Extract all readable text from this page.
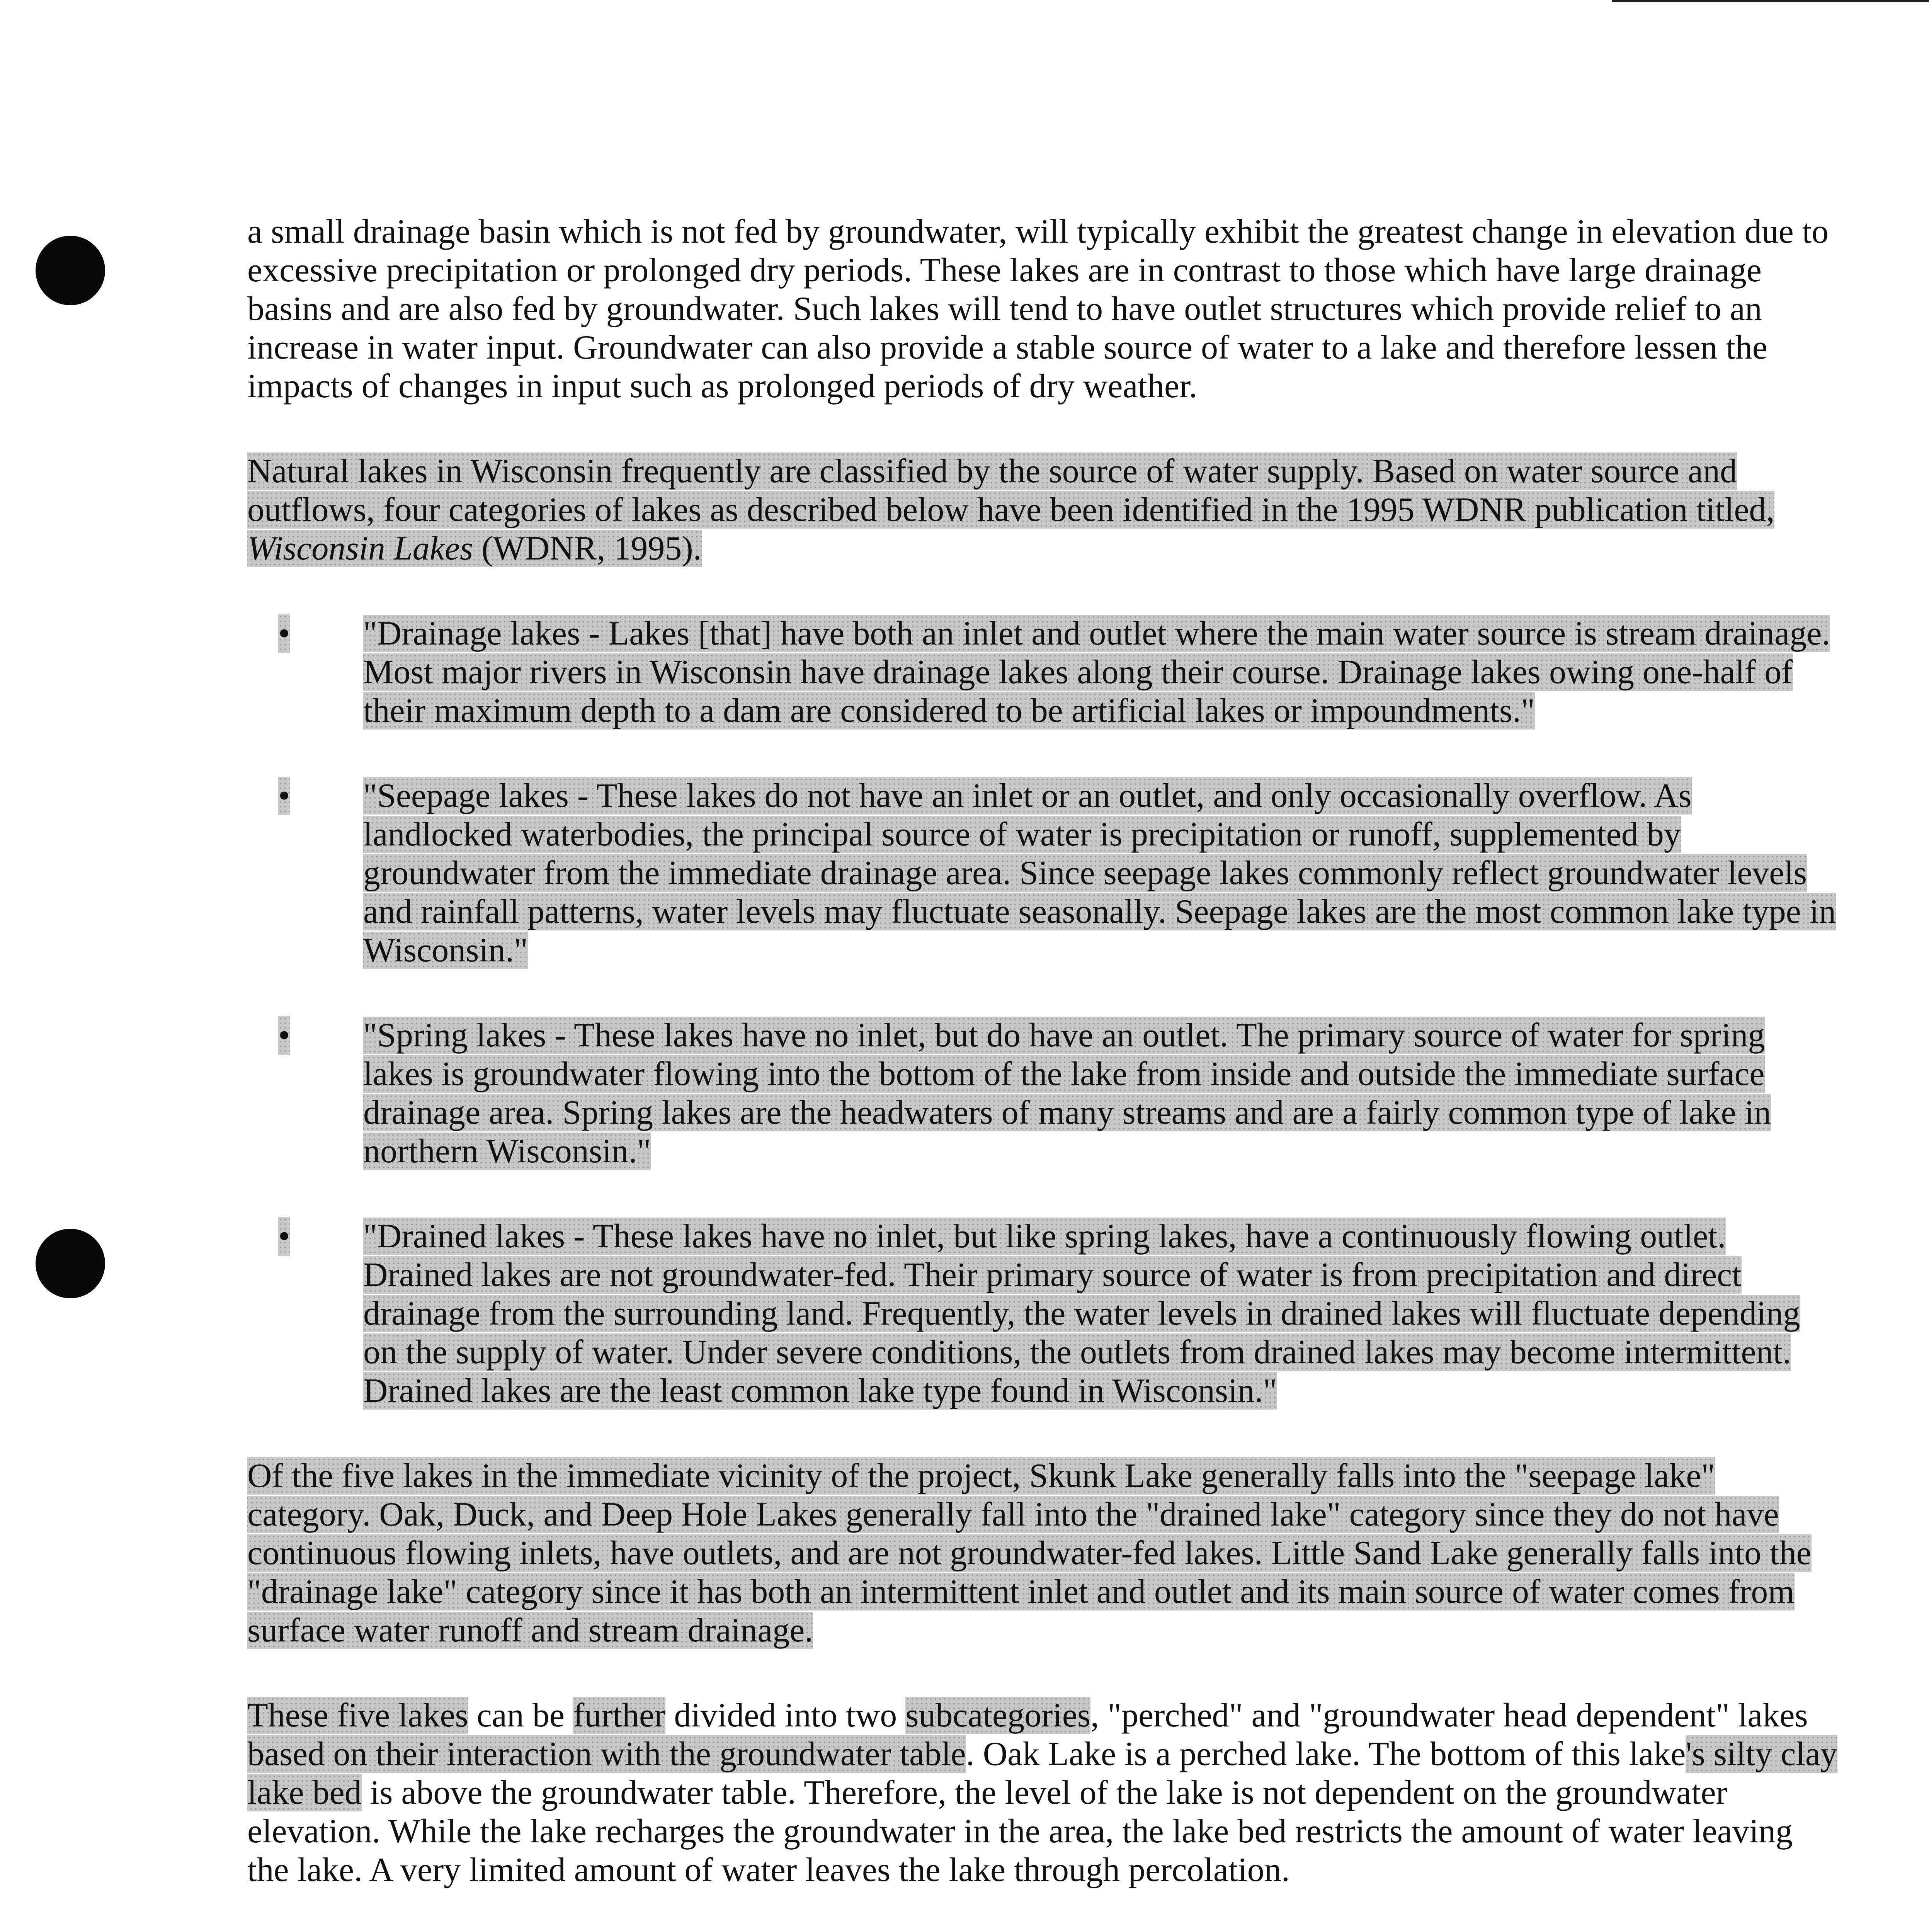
a small drainage basin which is not fed by groundwater, will typically exhibit the greatest change in elevation due to excessive precipitation or prolonged dry periods. These lakes are in contrast to those which have large drainage basins and are also fed by groundwater. Such lakes will tend to have outlet structures which provide relief to an increase in water input. Groundwater can also provide a stable source of water to a lake and therefore lessen the impacts of changes in input such as prolonged periods of dry weather.

Natural lakes in Wisconsin frequently are classified by the source of water supply. Based on water source and outflows, four categories of lakes as described below have been identified in the 1995 WDNR publication titled, Wisconsin Lakes (WDNR, 1995).

• "Drainage lakes - Lakes [that] have both an inlet and outlet where the main water source is stream drainage. Most major rivers in Wisconsin have drainage lakes along their course. Drainage lakes owing one-half of their maximum depth to a dam are considered to be artificial lakes or impoundments."
• "Seepage lakes - These lakes do not have an inlet or an outlet, and only occasionally overflow. As landlocked waterbodies, the principal source of water is precipitation or runoff, supplemented by groundwater from the immediate drainage area. Since seepage lakes commonly reflect groundwater levels and rainfall patterns, water levels may fluctuate seasonally. Seepage lakes are the most common lake type in Wisconsin."
• "Spring lakes - These lakes have no inlet, but do have an outlet. The primary source of water for spring lakes is groundwater flowing into the bottom of the lake from inside and outside the immediate surface drainage area. Spring lakes are the headwaters of many streams and are a fairly common type of lake in northern Wisconsin."
• "Drained lakes - These lakes have no inlet, but like spring lakes, have a continuously flowing outlet. Drained lakes are not groundwater-fed. Their primary source of water is from precipitation and direct drainage from the surrounding land. Frequently, the water levels in drained lakes will fluctuate depending on the supply of water. Under severe conditions, the outlets from drained lakes may become intermittent. Drained lakes are the least common lake type found in Wisconsin."

Of the five lakes in the immediate vicinity of the project, Skunk Lake generally falls into the "seepage lake" category. Oak, Duck, and Deep Hole Lakes generally fall into the "drained lake" category since they do not have continuous flowing inlets, have outlets, and are not groundwater-fed lakes. Little Sand Lake generally falls into the "drainage lake" category since it has both an intermittent inlet and outlet and its main source of water comes from surface water runoff and stream drainage.

These five lakes can be further divided into two subcategories, "perched" and "groundwater head dependent" lakes based on their interaction with the groundwater table. Oak Lake is a perched lake. The bottom of this lake's silty clay lake bed is above the groundwater table. Therefore, the level of the lake is not dependent on the groundwater elevation. While the lake recharges the groundwater in the area, the lake bed restricts the amount of water leaving the lake. A very limited amount of water leaves the lake through percolation.
